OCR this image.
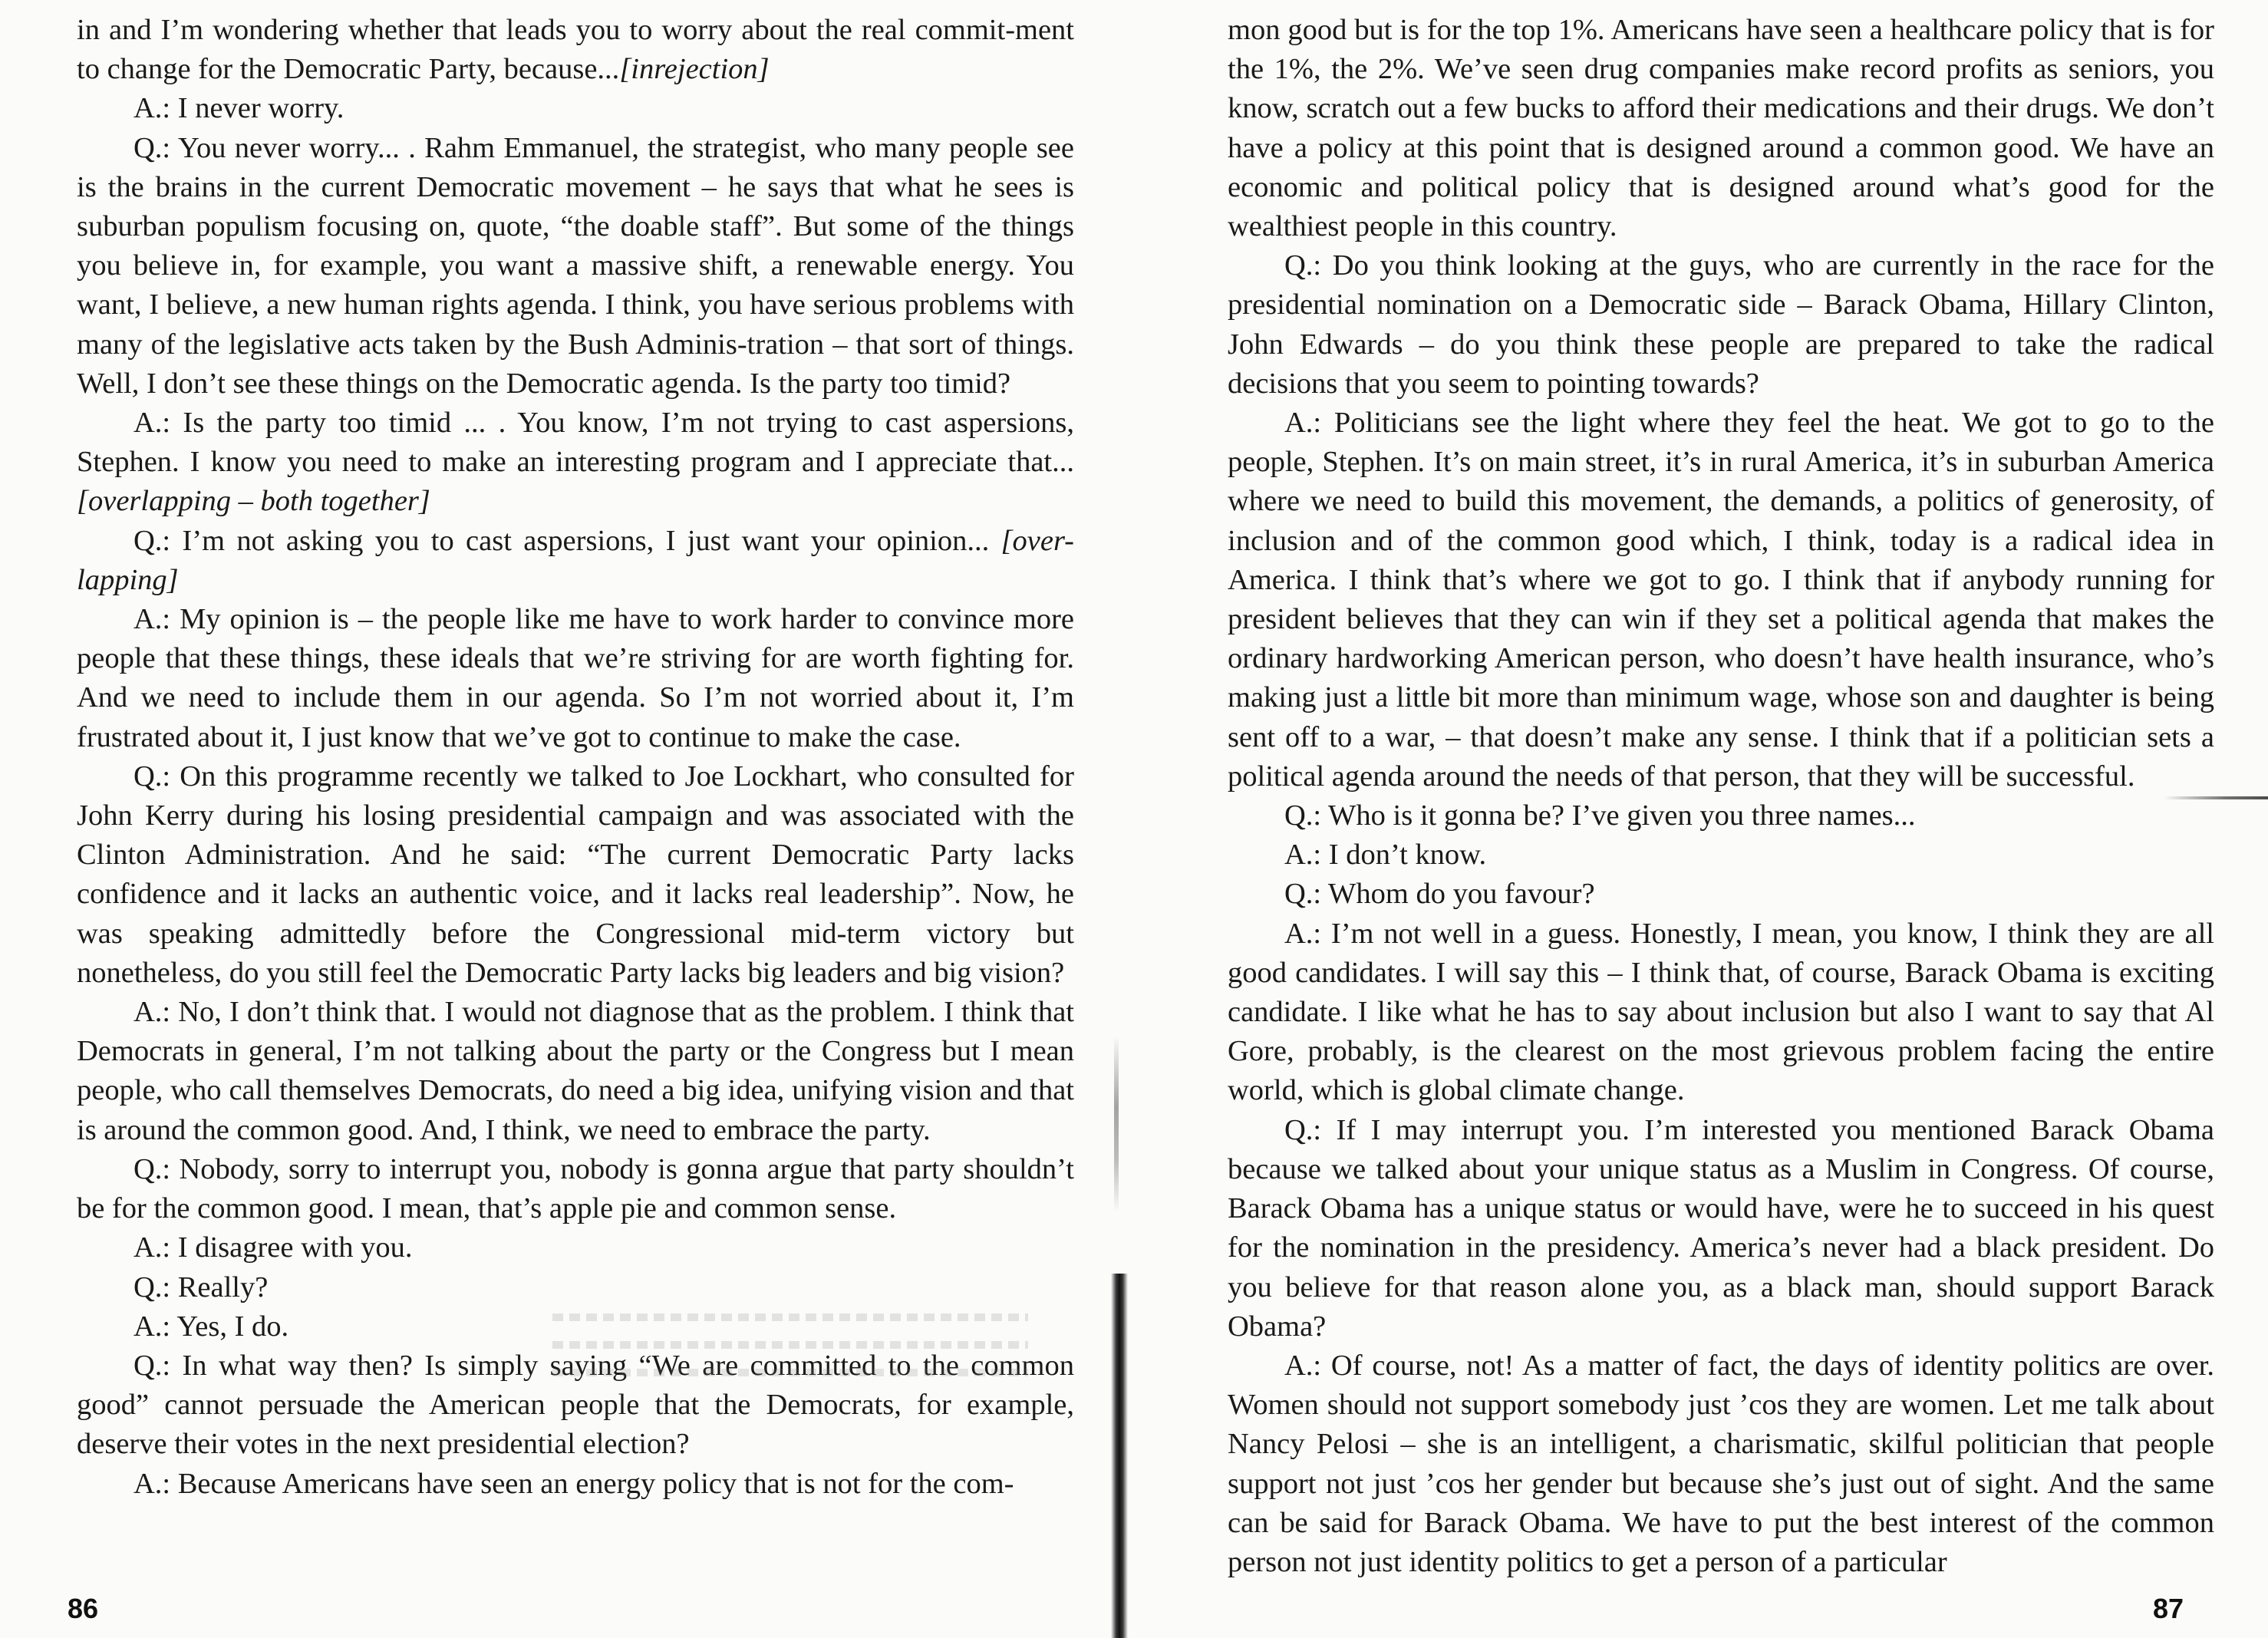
in and I’m wondering whether that leads you to worry about the real commit-ment to change for the Democratic Party, because...[inrejection]

A.: I never worry.

Q.: You never worry... . Rahm Emmanuel, the strategist, who many people see is the brains in the current Democratic movement – he says that what he sees is suburban populism focusing on, quote, “the doable staff”. But some of the things you believe in, for example, you want a massive shift, a renewable energy. You want, I believe, a new human rights agenda. I think, you have serious problems with many of the legislative acts taken by the Bush Adminis-tration – that sort of things. Well, I don’t see these things on the Democratic agenda. Is the party too timid?

A.: Is the party too timid ... . You know, I’m not trying to cast aspersions, Stephen. I know you need to make an interesting program and I appreciate that... [overlapping – both together]

Q.: I’m not asking you to cast aspersions, I just want your opinion... [over-lapping]

A.: My opinion is – the people like me have to work harder to convince more people that these things, these ideals that we’re striving for are worth fighting for. And we need to include them in our agenda. So I’m not worried about it, I’m frustrated about it, I just know that we’ve got to continue to make the case.

Q.: On this programme recently we talked to Joe Lockhart, who consulted for John Kerry during his losing presidential campaign and was associated with the Clinton Administration. And he said: “The current Democratic Party lacks confidence and it lacks an authentic voice, and it lacks real leadership”. Now, he was speaking admittedly before the Congressional mid-term victory but nonetheless, do you still feel the Democratic Party lacks big leaders and big vision?

A.: No, I don’t think that. I would not diagnose that as the problem. I think that Democrats in general, I’m not talking about the party or the Congress but I mean people, who call themselves Democrats, do need a big idea, unifying vision and that is around the common good. And, I think, we need to embrace the party.

Q.: Nobody, sorry to interrupt you, nobody is gonna argue that party shouldn’t be for the common good. I mean, that’s apple pie and common sense.

A.: I disagree with you.

Q.: Really?

A.: Yes, I do.

Q.: In what way then? Is simply saying “We are committed to the common good” cannot persuade the American people that the Democrats, for example, deserve their votes in the next presidential election?

A.: Because Americans have seen an energy policy that is not for the com-

mon good but is for the top 1%. Americans have seen a healthcare policy that is for the 1%, the 2%. We’ve seen drug companies make record profits as seniors, you know, scratch out a few bucks to afford their medications and their drugs. We don’t have a policy at this point that is designed around a common good. We have an economic and political policy that is designed around what’s good for the wealthiest people in this country.

Q.: Do you think looking at the guys, who are currently in the race for the presidential nomination on a Democratic side – Barack Obama, Hillary Clinton, John Edwards – do you think these people are prepared to take the radical decisions that you seem to pointing towards?

A.: Politicians see the light where they feel the heat. We got to go to the people, Stephen. It’s on main street, it’s in rural America, it’s in suburban America where we need to build this movement, the demands, a politics of generosity, of inclusion and of the common good which, I think, today is a radical idea in America. I think that’s where we got to go. I think that if anybody running for president believes that they can win if they set a political agenda that makes the ordinary hardworking American person, who doesn’t have health insurance, who’s making just a little bit more than minimum wage, whose son and daughter is being sent off to a war, – that doesn’t make any sense. I think that if a politician sets a political agenda around the needs of that person, that they will be successful.

Q.: Who is it gonna be? I’ve given you three names...

A.: I don’t know.

Q.: Whom do you favour?

A.: I’m not well in a guess. Honestly, I mean, you know, I think they are all good candidates. I will say this – I think that, of course, Barack Obama is exciting candidate. I like what he has to say about inclusion but also I want to say that Al Gore, probably, is the clearest on the most grievous problem facing the entire world, which is global climate change.

Q.: If I may interrupt you. I’m interested you mentioned Barack Obama because we talked about your unique status as a Muslim in Congress. Of course, Barack Obama has a unique status or would have, were he to succeed in his quest for the nomination in the presidency. America’s never had a black president. Do you believe for that reason alone you, as a black man, should support Barack Obama?

A.: Of course, not! As a matter of fact, the days of identity politics are over. Women should not support somebody just ’cos they are women. Let me talk about Nancy Pelosi – she is an intelligent, a charismatic, skilful politician that people support not just ’cos her gender but because she’s just out of sight. And the same can be said for Barack Obama. We have to put the best interest of the common person not just identity politics to get a person of a particular

86	87
